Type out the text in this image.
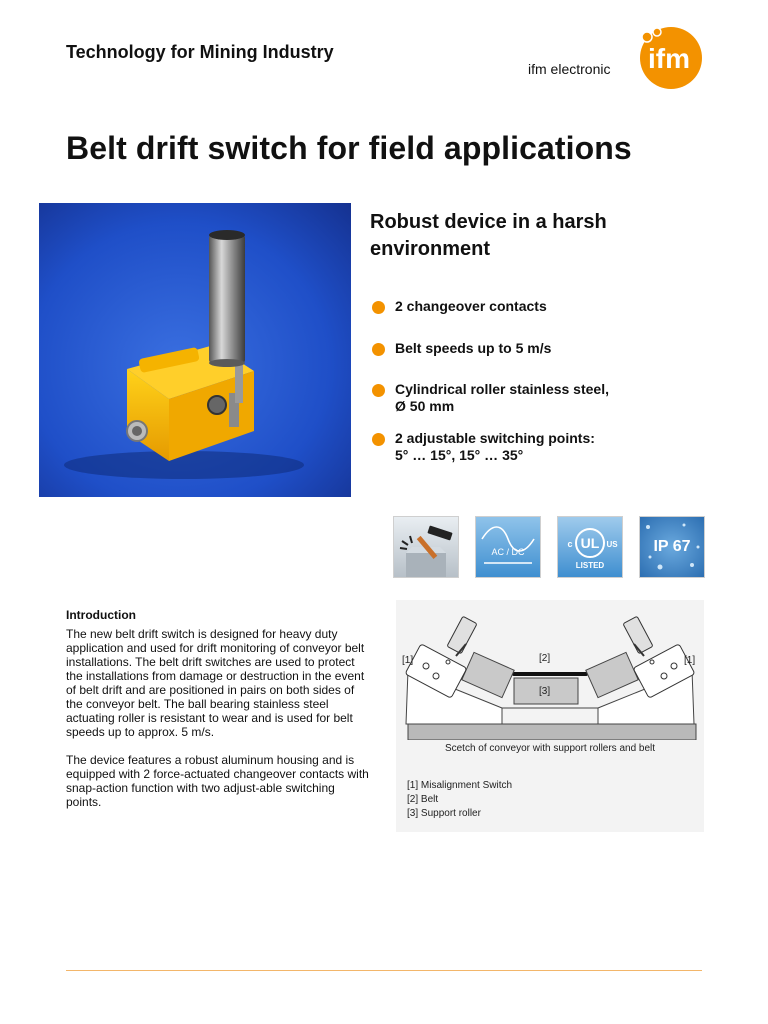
Technology for Mining Industry
ifm electronic ifm
Belt drift switch for field applications
Robust device in a harsh environment
2 changeover contacts
Belt speeds up to 5 m/s
Cylindrical roller stainless steel,
Ø 50 mm
2 adjustable switching points:
5° … 15°, 15° … 35°
AC / DC
UL
c	US
LISTED
IP 67
Introduction

The new belt drift switch is designed for heavy duty application and used for drift monitoring of conveyor belt installations. The belt drift switches are used to protect the installations from damage or destruction in the event of belt drift and are positioned in pairs on both sides of the conveyor belt. The ball bearing stainless steel actuating roller is resistant to wear and is used for belt speeds up to approx. 5 m/s.

The device features a robust aluminum housing and is equipped with 2 force-actuated changeover contacts with snap-action function with two adjust-able switching points.

[1]	[1]
[2]
[3]
Scetch of conveyor with support rollers and belt
[1] Misalignment Switch
[2] Belt
[3] Support roller
